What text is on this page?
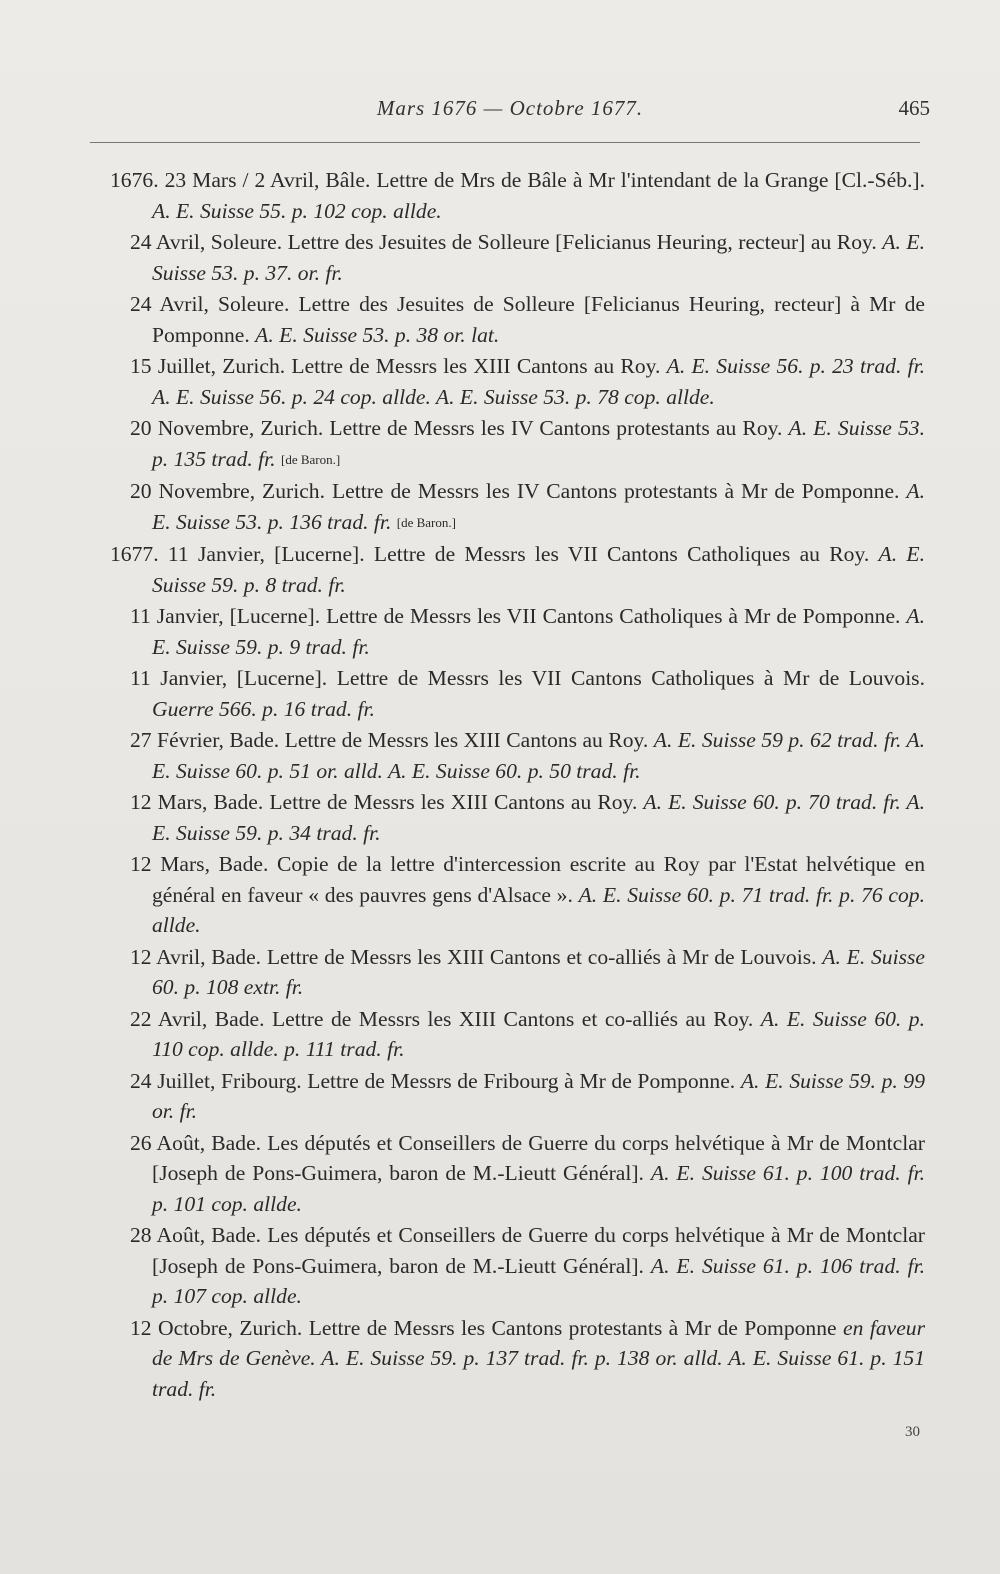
Mars 1676 — Octobre 1677.	465

1676. 23 Mars / 2 Avril, Bâle. Lettre de Mrs de Bâle à Mr l'intendant de la Grange [Cl.-Séb.]. A. E. Suisse 55. p. 102 cop. allde.

24 Avril, Soleure. Lettre des Jesuites de Solleure [Felicianus Heuring, recteur] au Roy. A. E. Suisse 53. p. 37. or. fr.

24 Avril, Soleure. Lettre des Jesuites de Solleure [Felicianus Heuring, recteur] à Mr de Pomponne. A. E. Suisse 53. p. 38 or. lat.

15 Juillet, Zurich. Lettre de Messrs les XIII Cantons au Roy. A. E. Suisse 56. p. 23 trad. fr. A. E. Suisse 56. p. 24 cop. allde. A. E. Suisse 53. p. 78 cop. allde.

20 Novembre, Zurich. Lettre de Messrs les IV Cantons protestants au Roy. A. E. Suisse 53. p. 135 trad. fr. [de Baron.]

20 Novembre, Zurich. Lettre de Messrs les IV Cantons protestants à Mr de Pomponne. A. E. Suisse 53. p. 136 trad. fr. [de Baron.]

1677. 11 Janvier, [Lucerne]. Lettre de Messrs les VII Cantons Catholiques au Roy. A. E. Suisse 59. p. 8 trad. fr.

11 Janvier, [Lucerne]. Lettre de Messrs les VII Cantons Catholiques à Mr de Pomponne. A. E. Suisse 59. p. 9 trad. fr.

11 Janvier, [Lucerne]. Lettre de Messrs les VII Cantons Catholiques à Mr de Louvois. Guerre 566. p. 16 trad. fr.

27 Février, Bade. Lettre de Messrs les XIII Cantons au Roy. A. E. Suisse 59 p. 62 trad. fr. A. E. Suisse 60. p. 51 or. alld. A. E. Suisse 60. p. 50 trad. fr.

12 Mars, Bade. Lettre de Messrs les XIII Cantons au Roy. A. E. Suisse 60. p. 70 trad. fr. A. E. Suisse 59. p. 34 trad. fr.

12 Mars, Bade. Copie de la lettre d'intercession escrite au Roy par l'Estat helvétique en général en faveur « des pauvres gens d'Alsace ». A. E. Suisse 60. p. 71 trad. fr. p. 76 cop. allde.

12 Avril, Bade. Lettre de Messrs les XIII Cantons et co-alliés à Mr de Louvois. A. E. Suisse 60. p. 108 extr. fr.

22 Avril, Bade. Lettre de Messrs les XIII Cantons et co-alliés au Roy. A. E. Suisse 60. p. 110 cop. allde. p. 111 trad. fr.

24 Juillet, Fribourg. Lettre de Messrs de Fribourg à Mr de Pomponne. A. E. Suisse 59. p. 99 or. fr.

26 Août, Bade. Les députés et Conseillers de Guerre du corps helvétique à Mr de Montclar [Joseph de Pons-Guimera, baron de M.-Lieutt Général]. A. E. Suisse 61. p. 100 trad. fr. p. 101 cop. allde.

28 Août, Bade. Les députés et Conseillers de Guerre du corps helvétique à Mr de Montclar [Joseph de Pons-Guimera, baron de M.-Lieutt Général]. A. E. Suisse 61. p. 106 trad. fr. p. 107 cop. allde.

12 Octobre, Zurich. Lettre de Messrs les Cantons protestants à Mr de Pomponne en faveur de Mrs de Genève. A. E. Suisse 59. p. 137 trad. fr. p. 138 or. alld. A. E. Suisse 61. p. 151 trad. fr.

30
